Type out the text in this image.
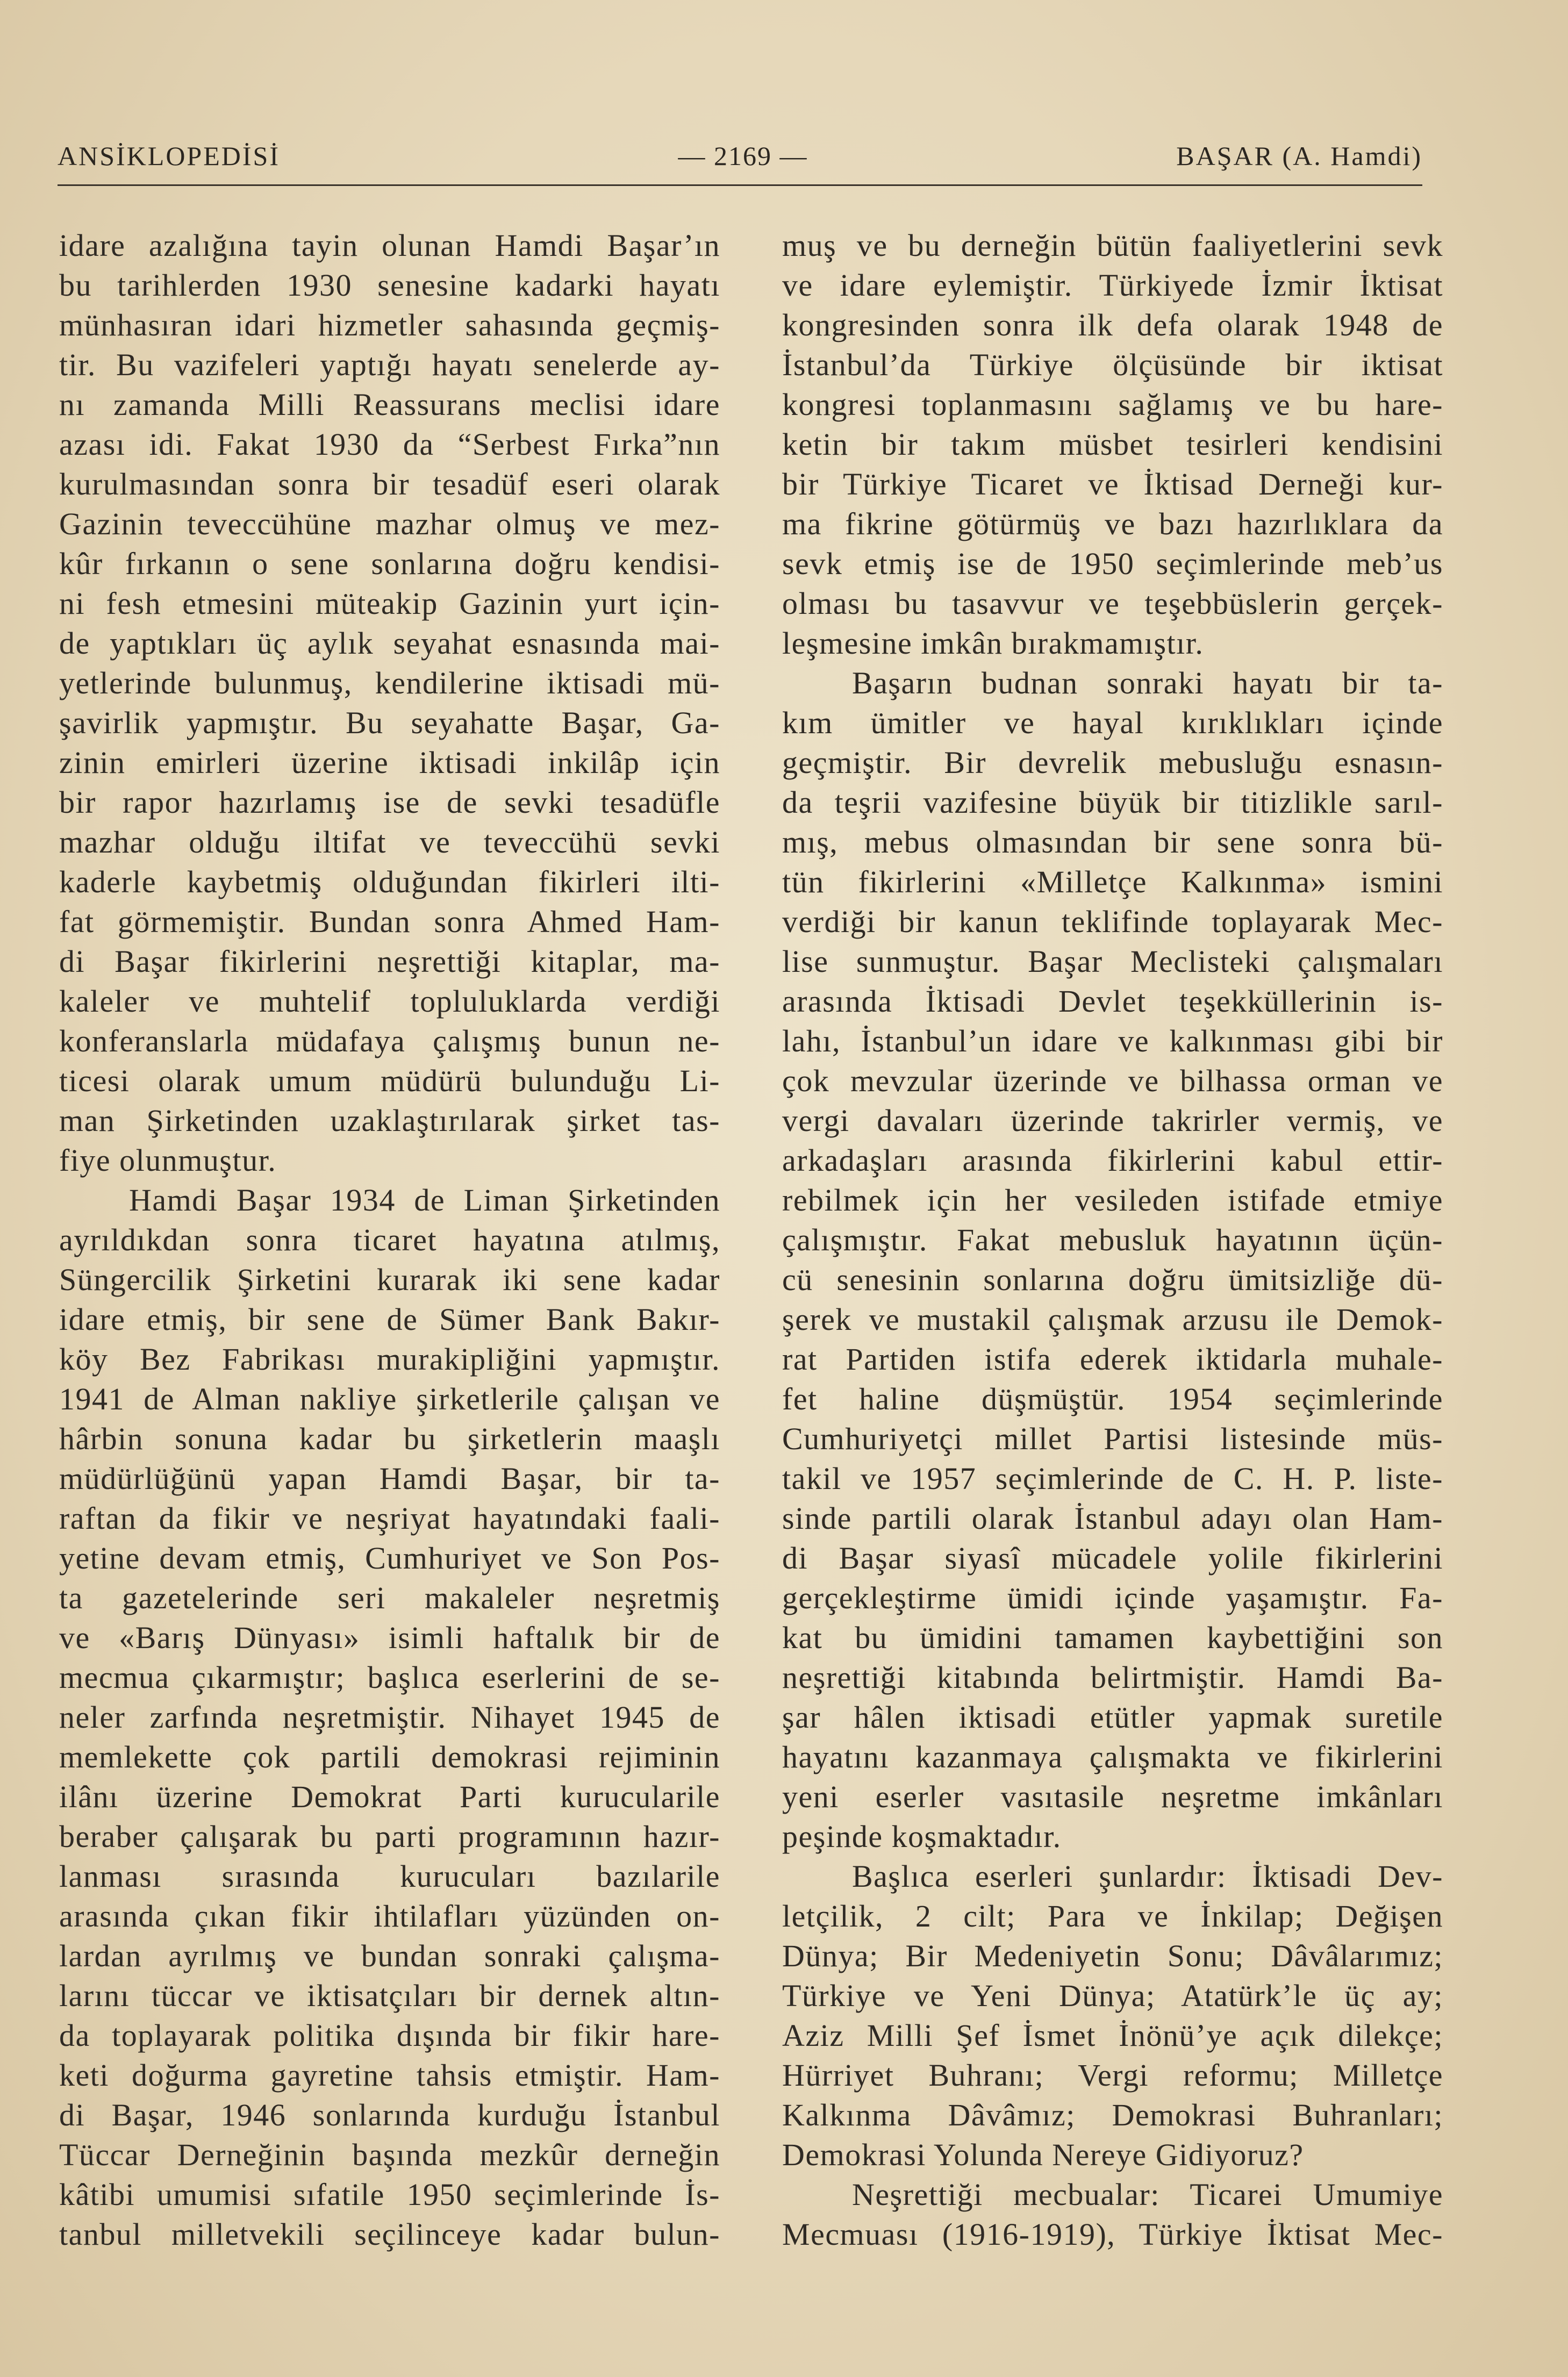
ANSİKLOPEDİSİ	— 2169 —	BAŞAR (A. Hamdi)
idare azalığına tayin olunan Hamdi Başar’ın
bu tarihlerden 1930 senesine kadarki hayatı
münhasıran idari hizmetler sahasında geçmiş-
tir. Bu vazifeleri yaptığı hayatı senelerde ay-
nı zamanda Milli Reassurans meclisi idare
azası idi. Fakat 1930 da “Serbest Fırka”nın
kurulmasından sonra bir tesadüf eseri olarak
Gazinin teveccühüne mazhar olmuş ve mez-
kûr fırkanın o sene sonlarına doğru kendisi-
ni fesh etmesini müteakip Gazinin yurt için-
de yaptıkları üç aylık seyahat esnasında mai-
yetlerinde bulunmuş, kendilerine iktisadi mü-
şavirlik yapmıştır. Bu seyahatte Başar, Ga-
zinin emirleri üzerine iktisadi inkilâp için
bir rapor hazırlamış ise de sevki tesadüfle
mazhar olduğu iltifat ve teveccühü sevki
kaderle kaybetmiş olduğundan fikirleri ilti-
fat görmemiştir. Bundan sonra Ahmed Ham-
di Başar fikirlerini neşrettiği kitaplar, ma-
kaleler ve muhtelif topluluklarda verdiği
konferanslarla müdafaya çalışmış bunun ne-
ticesi olarak umum müdürü bulunduğu Li-
man Şirketinden uzaklaştırılarak şirket tas-
fiye olunmuştur.
Hamdi Başar 1934 de Liman Şirketinden
ayrıldıkdan sonra ticaret hayatına atılmış,
Süngercilik Şirketini kurarak iki sene kadar
idare etmiş, bir sene de Sümer Bank Bakır-
köy Bez Fabrikası murakipliğini yapmıştır.
1941 de Alman nakliye şirketlerile çalışan ve
hârbin sonuna kadar bu şirketlerin maaşlı
müdürlüğünü yapan Hamdi Başar, bir ta-
raftan da fikir ve neşriyat hayatındaki faali-
yetine devam etmiş, Cumhuriyet ve Son Pos-
ta gazetelerinde seri makaleler neşretmiş
ve «Barış Dünyası» isimli haftalık bir de
mecmua çıkarmıştır; başlıca eserlerini de se-
neler zarfında neşretmiştir. Nihayet 1945 de
memlekette çok partili demokrasi rejiminin
ilânı üzerine Demokrat Parti kurucularile
beraber çalışarak bu parti programının hazır-
lanması sırasında kurucuları bazılarile
arasında çıkan fikir ihtilafları yüzünden on-
lardan ayrılmış ve bundan sonraki çalışma-
larını tüccar ve iktisatçıları bir dernek altın-
da toplayarak politika dışında bir fikir hare-
keti doğurma gayretine tahsis etmiştir. Ham-
di Başar, 1946 sonlarında kurduğu İstanbul
Tüccar Derneğinin başında mezkûr derneğin
kâtibi umumisi sıfatile 1950 seçimlerinde İs-
tanbul milletvekili seçilinceye kadar bulun-
muş ve bu derneğin bütün faaliyetlerini sevk
ve idare eylemiştir. Türkiyede İzmir İktisat
kongresinden sonra ilk defa olarak 1948 de
İstanbul’da Türkiye ölçüsünde bir iktisat
kongresi toplanmasını sağlamış ve bu hare-
ketin bir takım müsbet tesirleri kendisini
bir Türkiye Ticaret ve İktisad Derneği kur-
ma fikrine götürmüş ve bazı hazırlıklara da
sevk etmiş ise de 1950 seçimlerinde meb’us
olması bu tasavvur ve teşebbüslerin gerçek-
leşmesine imkân bırakmamıştır.
Başarın budnan sonraki hayatı bir ta-
kım ümitler ve hayal kırıklıkları içinde
geçmiştir. Bir devrelik mebusluğu esnasın-
da teşrii vazifesine büyük bir titizlikle sarıl-
mış, mebus olmasından bir sene sonra bü-
tün fikirlerini «Milletçe Kalkınma» ismini
verdiği bir kanun teklifinde toplayarak Mec-
lise sunmuştur. Başar Meclisteki çalışmaları
arasında İktisadi Devlet teşekküllerinin is-
lahı, İstanbul’un idare ve kalkınması gibi bir
çok mevzular üzerinde ve bilhassa orman ve
vergi davaları üzerinde takrirler vermiş, ve
arkadaşları arasında fikirlerini kabul ettir-
rebilmek için her vesileden istifade etmiye
çalışmıştır. Fakat mebusluk hayatının üçün-
cü senesinin sonlarına doğru ümitsizliğe dü-
şerek ve mustakil çalışmak arzusu ile Demok-
rat Partiden istifa ederek iktidarla muhale-
fet haline düşmüştür. 1954 seçimlerinde
Cumhuriyetçi millet Partisi listesinde müs-
takil ve 1957 seçimlerinde de C. H. P. liste-
sinde partili olarak İstanbul adayı olan Ham-
di Başar siyasî mücadele yolile fikirlerini
gerçekleştirme ümidi içinde yaşamıştır. Fa-
kat bu ümidini tamamen kaybettiğini son
neşrettiği kitabında belirtmiştir. Hamdi Ba-
şar hâlen iktisadi etütler yapmak suretile
hayatını kazanmaya çalışmakta ve fikirlerini
yeni eserler vasıtasile neşretme imkânları
peşinde koşmaktadır.
Başlıca eserleri şunlardır: İktisadi Dev-
letçilik, 2 cilt; Para ve İnkilap; Değişen
Dünya; Bir Medeniyetin Sonu; Dâvâlarımız;
Türkiye ve Yeni Dünya; Atatürk’le üç ay;
Aziz Milli Şef İsmet İnönü’ye açık dilekçe;
Hürriyet Buhranı; Vergi reformu; Milletçe
Kalkınma Dâvâmız; Demokrasi Buhranları;
Demokrasi Yolunda Nereye Gidiyoruz?
Neşrettiği mecbualar: Ticarei Umumiye
Mecmuası (1916-1919), Türkiye İktisat Mec-
